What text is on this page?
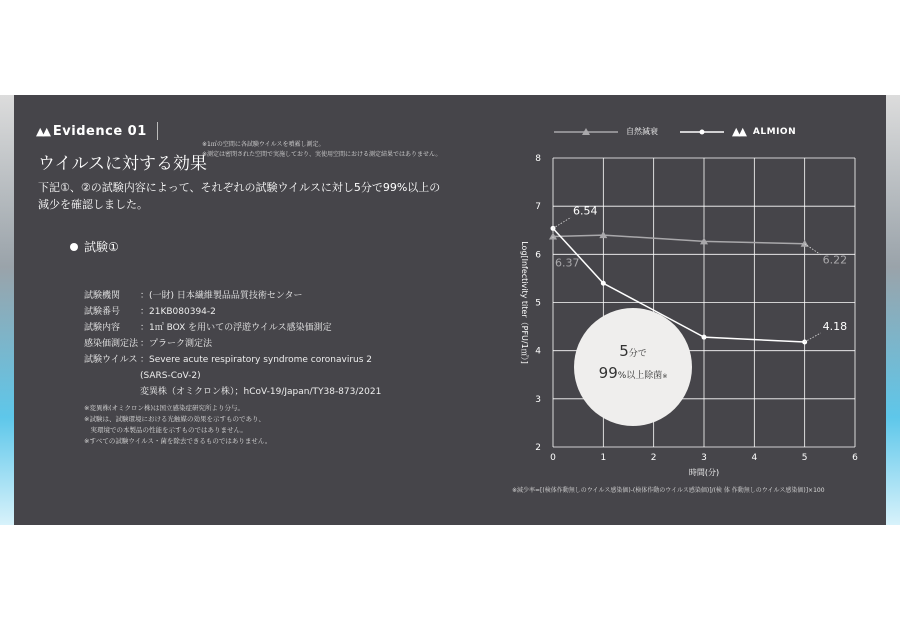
▲▲ Evidence 01
ウイルスに対する効果
※1㎥の空間に各試験ウイルスを噴霧し測定。
※測定は密閉された空間で実施しており、実使用空間における測定結果ではありません。
下記①、②の試験内容によって、それぞれの試験ウイルスに対し5分で99%以上の
減少を確認しました。
試験①
試験機関	： (一財) 日本繊維製品品質技術センター
試験番号	： 21KB080394-2
試験内容	： 1㎥ BOX を用いての浮遊ウイルス感染価測定
感染価測定法 ： プラーク測定法
試験ウイルス ： Severe acute respiratory syndrome coronavirus 2
(SARS-CoV-2)
変異株（オミクロン株）；hCoV-19/Japan/TY38-873/2021
※変異株(オミクロン株)は国立感染症研究所より分与。
※試験は、試験環境における光触媒の効果を示すものであり、
　実環境での本製品の性能を示すものではありません。
※すべての試験ウイルス・菌を除去できるものではありません。
自然減衰	▲▲ ALMION
2
3
4
5
6
7
8
0	1	2	3	4	5	6
時間(分)
Log[Infectivity titer（PFU/1㎥）]
6.54
6.37	6.22
4.18
5分で
99%以上除菌※
※減少率=[(検体作動無しのウイルス感染価)-(検体作動のウイルス感染価)]/(検 体 作動無しのウイルス感染価)]×100
